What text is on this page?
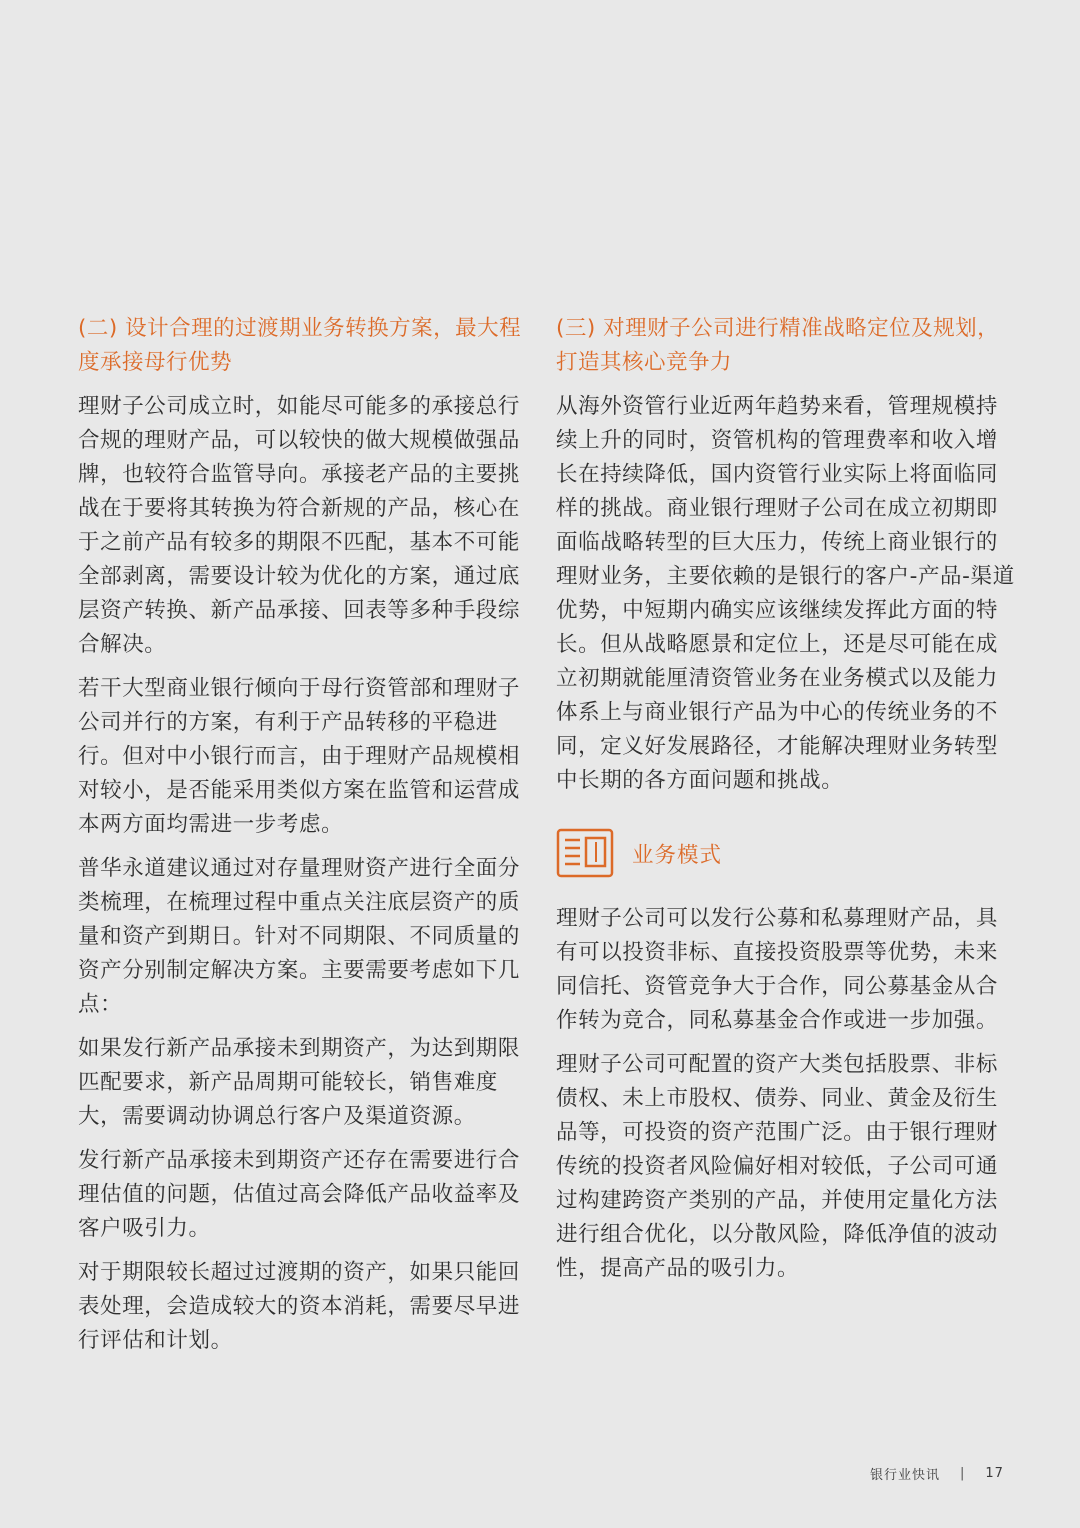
(二) 设计合理的过渡期业务转换方案，最大程度承接母行优势

理财子公司成立时，如能尽可能多的承接总行合规的理财产品，可以较快的做大规模做强品牌，也较符合监管导向。承接老产品的主要挑战在于要将其转换为符合新规的产品，核心在于之前产品有较多的期限不匹配，基本不可能全部剥离，需要设计较为优化的方案，通过底层资产转换、新产品承接、回表等多种手段综合解决。

若干大型商业银行倾向于母行资管部和理财子公司并行的方案，有利于产品转移的平稳进行。但对中小银行而言，由于理财产品规模相对较小，是否能采用类似方案在监管和运营成本两方面均需进一步考虑。

普华永道建议通过对存量理财资产进行全面分类梳理，在梳理过程中重点关注底层资产的质量和资产到期日。针对不同期限、不同质量的资产分别制定解决方案。主要需要考虑如下几点：

如果发行新产品承接未到期资产，为达到期限匹配要求，新产品周期可能较长，销售难度大，需要调动协调总行客户及渠道资源。

发行新产品承接未到期资产还存在需要进行合理估值的问题，估值过高会降低产品收益率及客户吸引力。

对于期限较长超过过渡期的资产，如果只能回表处理，会造成较大的资本消耗，需要尽早进行评估和计划。

(三) 对理财子公司进行精准战略定位及规划，打造其核心竞争力

从海外资管行业近两年趋势来看，管理规模持续上升的同时，资管机构的管理费率和收入增长在持续降低，国内资管行业实际上将面临同样的挑战。商业银行理财子公司在成立初期即面临战略转型的巨大压力，传统上商业银行的理财业务，主要依赖的是银行的客户-产品-渠道优势，中短期内确实应该继续发挥此方面的特长。但从战略愿景和定位上，还是尽可能在成立初期就能厘清资管业务在业务模式以及能力体系上与商业银行产品为中心的传统业务的不同，定义好发展路径，才能解决理财业务转型中长期的各方面问题和挑战。

业务模式

理财子公司可以发行公募和私募理财产品，具有可以投资非标、直接投资股票等优势，未来同信托、资管竞争大于合作，同公募基金从合作转为竞合，同私募基金合作或进一步加强。

理财子公司可配置的资产大类包括股票、非标债权、未上市股权、债券、同业、黄金及衍生品等，可投资的资产范围广泛。由于银行理财传统的投资者风险偏好相对较低，子公司可通过构建跨资产类别的产品，并使用定量化方法进行组合优化，以分散风险，降低净值的波动性，提高产品的吸引力。

银行业快讯 | 17
